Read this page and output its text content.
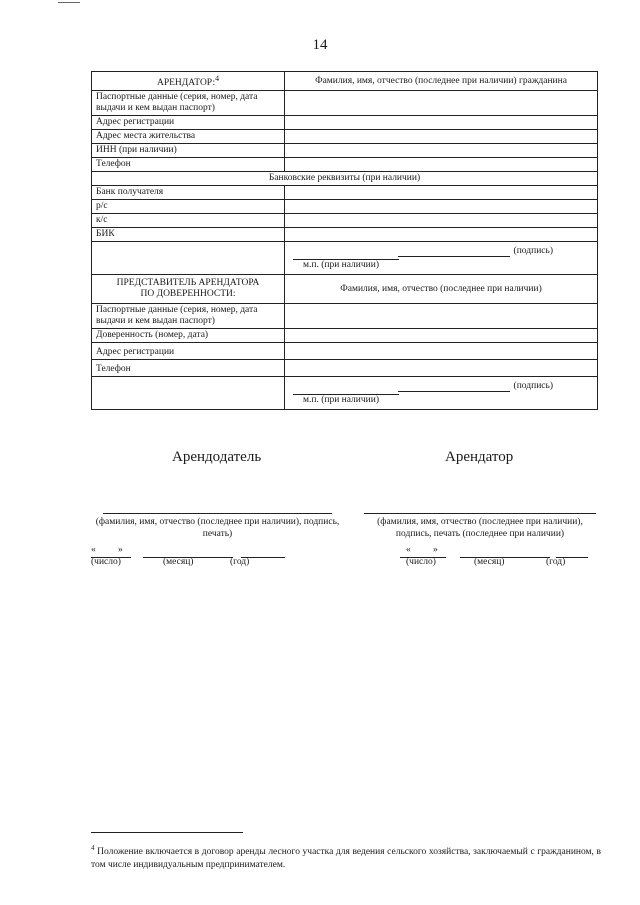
14
АРЕНДАТОР:$^4$	Фамилия, имя, отчество (последнее при наличии) гражданина
Паспортные данные (серия, номер, дата выдачи и кем выдан паспорт)	
Адрес регистрации	
Адрес места жительства	
ИНН (при наличии)	
Телефон	
Банковские реквизиты (при наличии)	
Банк получателя	
р/с	
к/с	
БИК	

	(подпись)
м.п. (при наличии)

ПРЕДСТАВИТЕЛЬ АРЕНДАТОРА ПО ДОВЕРЕННОСТИ:	Фамилия, имя, отчество (последнее при наличии)
Паспортные данные (серия, номер, дата выдачи и кем выдан паспорт)	
Доверенность (номер, дата)	
Адрес регистрации	
Телефон	

	(подпись)
м.п. (при наличии)
Арендодатель	Арендатор
(фамилия, имя, отчество (последнее при наличии), подпись, печать)
(фамилия, имя, отчество (последнее при наличии), подпись, печать (последнее при наличии)
« »
(число)	(месяц)	(год)
« »
(число)	(месяц)	(год)
$^4$ Положение включается в договор аренды лесного участка для ведения сельского хозяйства, заключаемый с гражданином, в том числе индивидуальным предпринимателем.
